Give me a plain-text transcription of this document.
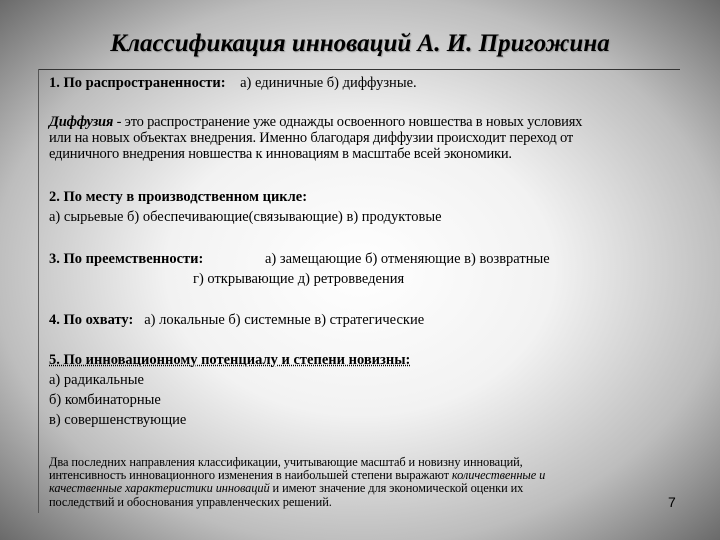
Классификация инноваций А. И. Пригожина
1. По распространенности: а) единичные б) диффузные.
Диффузия - это распространение уже однажды освоенного новшества в новых условиях
или на новых объектах внедрения. Именно благодаря диффузии происходит переход от
единичного внедрения новшества к инновациям в масштабе всей экономики.
2. По месту в производственном цикле:
а) сырьевые б) обеспечивающие(связывающие) в) продуктовые
3. По преемственности:	а) замещающие б) отменяющие в) возвратные
г) открывающие д) ретровведения
4. По охвату: а) локальные б) системные в) стратегические
5. По инновационному потенциалу и степени новизны:
а) радикальные
б) комбинаторные
в) совершенствующие
Два последних направления классификации, учитывающие масштаб и новизну инноваций,
интенсивность инновационного изменения в наибольшей степени выражают количественные и
качественные характеристики инноваций и имеют значение для экономической оценки их
последствий и обоснования управленческих решений.	7
